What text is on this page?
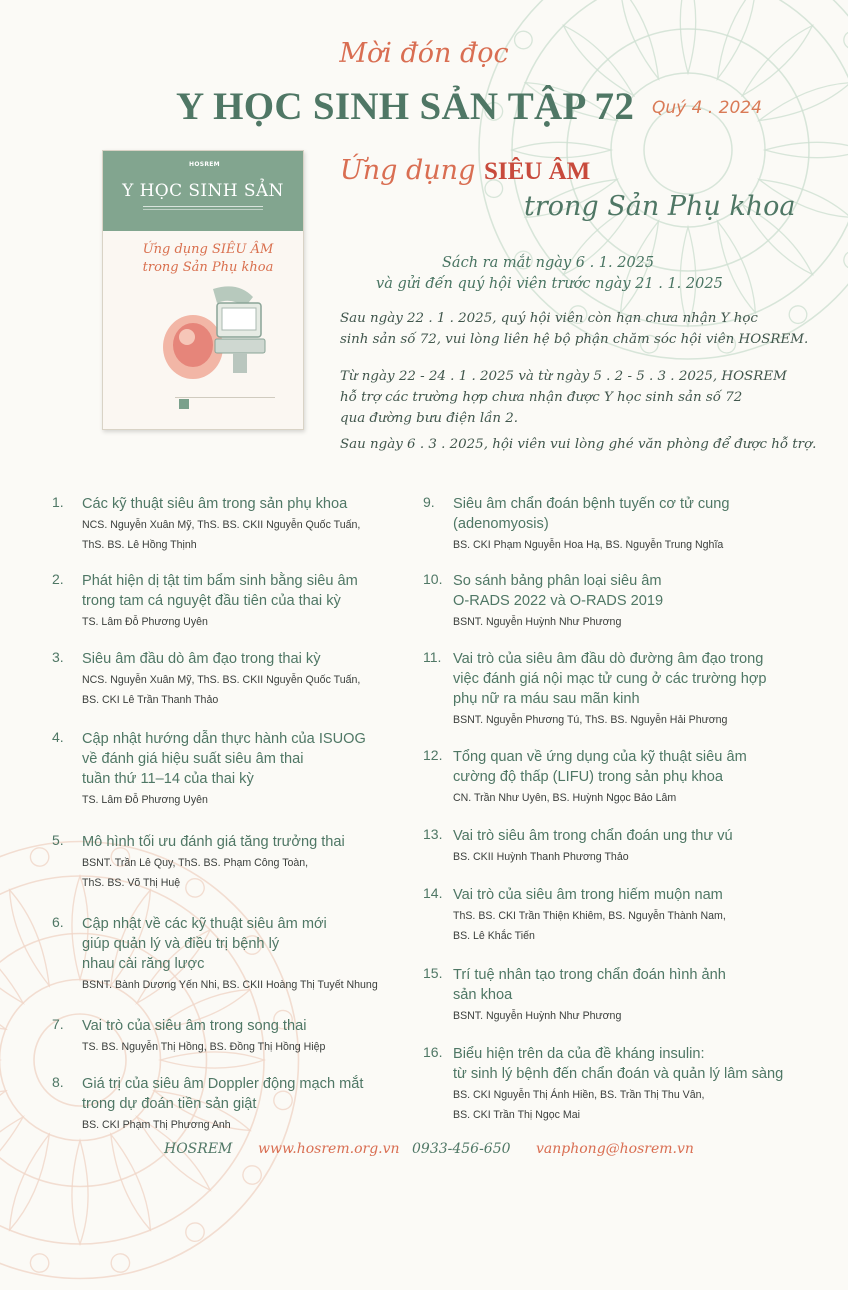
Mời đón đọc
Y HỌC SINH SẢN TẬP 72 Quý 4 . 2024
HOSREM
Y HỌC SINH SẢN
Ứng dụng SIÊU ÂM
trong Sản Phụ khoa
Ứng dụng SIÊU ÂM
trong Sản Phụ khoa
Sách ra mắt ngày 6 . 1. 2025
và gửi đến quý hội viên trước ngày 21 . 1. 2025

Sau ngày 22 . 1 . 2025, quý hội viên còn hạn chưa nhận Y học

sinh sản số 72, vui lòng liên hệ bộ phận chăm sóc hội viên HOSREM.

Từ ngày 22 - 24 . 1 . 2025 và từ ngày 5 . 2 - 5 . 3 . 2025, HOSREM

hỗ trợ các trường hợp chưa nhận được Y học sinh sản số 72

qua đường bưu điện lần 2.

Sau ngày 6 . 3 . 2025, hội viên vui lòng ghé văn phòng để được hỗ trợ.

1. Các kỹ thuật siêu âm trong sản phụ khoa
NCS. Nguyễn Xuân Mỹ, ThS. BS. CKII Nguyễn Quốc Tuấn,
ThS. BS. Lê Hồng Thịnh
2. Phát hiện dị tật tim bẩm sinh bằng siêu âm
trong tam cá nguyệt đầu tiên của thai kỳ
TS. Lâm Đỗ Phương Uyên
3. Siêu âm đầu dò âm đạo trong thai kỳ
NCS. Nguyễn Xuân Mỹ, ThS. BS. CKII Nguyễn Quốc Tuấn,
BS. CKI Lê Trần Thanh Thảo
4. Cập nhật hướng dẫn thực hành của ISUOG
về đánh giá hiệu suất siêu âm thai
tuần thứ 11–14 của thai kỳ
TS. Lâm Đỗ Phương Uyên
5. Mô hình tối ưu đánh giá tăng trưởng thai
BSNT. Trần Lê Quy, ThS. BS. Phạm Công Toàn,
ThS. BS. Võ Thị Huệ
6. Cập nhật về các kỹ thuật siêu âm mới
giúp quản lý và điều trị bệnh lý
nhau cài răng lược
BSNT. Bành Dương Yến Nhi, BS. CKII Hoàng Thị Tuyết Nhung
7. Vai trò của siêu âm trong song thai
TS. BS. Nguyễn Thị Hồng, BS. Đồng Thị Hồng Hiệp
8. Giá trị của siêu âm Doppler động mạch mắt
trong dự đoán tiền sản giật
BS. CKI Phạm Thị Phương Anh
9. Siêu âm chẩn đoán bệnh tuyến cơ tử cung
(adenomyosis)
BS. CKI Phạm Nguyễn Hoa Hạ, BS. Nguyễn Trung Nghĩa
10. So sánh bảng phân loại siêu âm
O-RADS 2022 và O-RADS 2019
BSNT. Nguyễn Huỳnh Như Phương
11. Vai trò của siêu âm đầu dò đường âm đạo trong
việc đánh giá nội mạc tử cung ở các trường hợp
phụ nữ ra máu sau mãn kinh
BSNT. Nguyễn Phương Tú, ThS. BS. Nguyễn Hải Phương
12. Tổng quan về ứng dụng của kỹ thuật siêu âm
cường độ thấp (LIFU) trong sản phụ khoa
CN. Trần Như Uyên, BS. Huỳnh Ngọc Bảo Lâm
13. Vai trò siêu âm trong chẩn đoán ung thư vú
BS. CKII Huỳnh Thanh Phương Thảo
14. Vai trò của siêu âm trong hiếm muộn nam
ThS. BS. CKI Trần Thiện Khiêm, BS. Nguyễn Thành Nam,
BS. Lê Khắc Tiến
15. Trí tuệ nhân tạo trong chẩn đoán hình ảnh
sản khoa
BSNT. Nguyễn Huỳnh Như Phương
16. Biểu hiện trên da của đề kháng insulin:
từ sinh lý bệnh đến chẩn đoán và quản lý lâm sàng
BS. CKI Nguyễn Thị Ánh Hiền, BS. Trần Thị Thu Vân,
BS. CKI Trần Thị Ngọc Mai
HOSREM www.hosrem.org.vn 0933-456-650 vanphong@hosrem.vn
